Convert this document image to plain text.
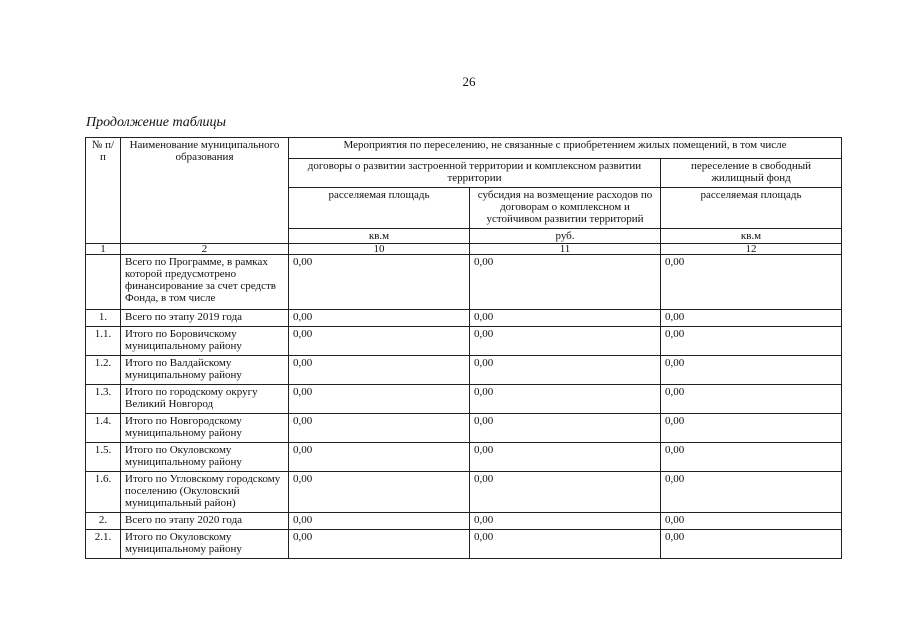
26
Продолжение таблицы
№ п/п	Наименование муниципального образования	Мероприятия по переселению, не связанные с приобретением жилых помещений, в том числе		
		договоры о развитии застроенной территории и комплексном развитии территории		переселение в свободный жилищный фонд
		расселяемая площадь	субсидия на возмещение расходов по договорам о комплексном и устойчивом развитии территорий	расселяемая площадь
		кв.м	руб.	кв.м
1	2	10	11	12
	Всего по Программе, в рамках которой предусмотрено финансирование за счет средств Фонда, в том числе	0,00	0,00	0,00
1.	Всего по этапу 2019 года	0,00	0,00	0,00
1.1.	Итого по Боровичскому муниципальному району	0,00	0,00	0,00
1.2.	Итого по Валдайскому муниципальному району	0,00	0,00	0,00
1.3.	Итого по городскому округу Великий Новгород	0,00	0,00	0,00
1.4.	Итого по Новгородскому муниципальному району	0,00	0,00	0,00
1.5.	Итого по Окуловскому муниципальному району	0,00	0,00	0,00
1.6.	Итого по Угловскому городскому поселению (Окуловский муниципальный район)	0,00	0,00	0,00
2.	Всего по этапу 2020 года	0,00	0,00	0,00
2.1.	Итого по Окуловскому муниципальному району	0,00	0,00	0,00
